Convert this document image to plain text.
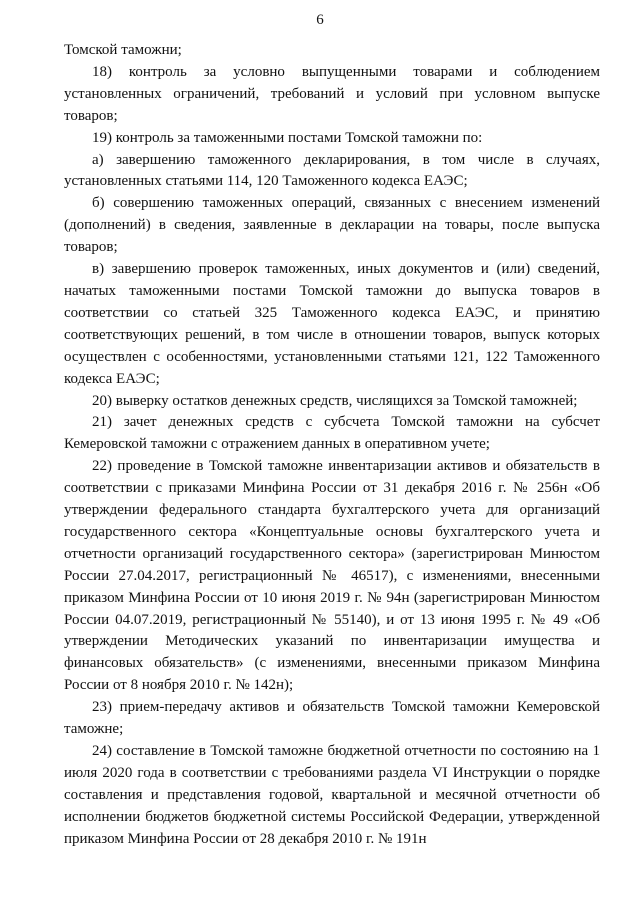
6

Томской таможни;

18) контроль за условно выпущенными товарами и соблюдением установленных ограничений, требований и условий при условном выпуске товаров;

19) контроль за таможенными постами Томской таможни по:

а) завершению таможенного декларирования, в том числе в случаях, установленных статьями 114, 120 Таможенного кодекса ЕАЭС;

б) совершению таможенных операций, связанных с внесением изменений (дополнений) в сведения, заявленные в декларации на товары, после выпуска товаров;

в) завершению проверок таможенных, иных документов и (или) сведений, начатых таможенными постами Томской таможни до выпуска товаров в соответствии со статьей 325 Таможенного кодекса ЕАЭС, и принятию соответствующих решений, в том числе в отношении товаров, выпуск которых осуществлен с особенностями, установленными статьями 121, 122 Таможенного кодекса ЕАЭС;

20) выверку остатков денежных средств, числящихся за Томской таможней;

21) зачет денежных средств с субсчета Томской таможни на субсчет Кемеровской таможни с отражением данных в оперативном учете;

22) проведение в Томской таможне инвентаризации активов и обязательств в соответствии с приказами Минфина России от 31 декабря 2016 г. № 256н «Об утверждении федерального стандарта бухгалтерского учета для организаций государственного сектора «Концептуальные основы бухгалтерского учета и отчетности организаций государственного сектора» (зарегистрирован Минюстом России 27.04.2017, регистрационный № 46517), с изменениями, внесенными приказом Минфина России от 10 июня 2019 г. № 94н (зарегистрирован Минюстом России 04.07.2019, регистрационный № 55140), и от 13 июня 1995 г. № 49 «Об утверждении Методических указаний по инвентаризации имущества и финансовых обязательств» (с изменениями, внесенными приказом Минфина России от 8 ноября 2010 г. № 142н);

23) прием-передачу активов и обязательств Томской таможни Кемеровской таможне;

24) составление в Томской таможне бюджетной отчетности по состоянию на 1 июля 2020 года в соответствии с требованиями раздела VI Инструкции о порядке составления и представления годовой, квартальной и месячной отчетности об исполнении бюджетов бюджетной системы Российской Федерации, утвержденной приказом Минфина России от 28 декабря 2010 г. № 191н
